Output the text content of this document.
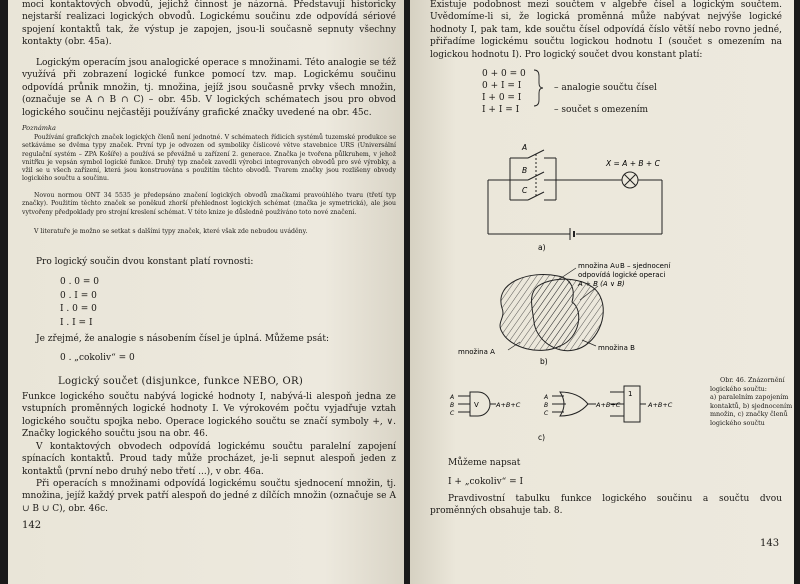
moci kontaktových obvodů, jejichž činnost je názorná. Představují historicky nejstarší realizaci logických obvodů. Logickému součinu zde odpovídá sériové spojení kontaktů tak, že výstup je zapojen, jsou-li současně sepnuty všechny kontakty (obr. 45a).

Logickým operacím jsou analogické operace s množinami. Této analogie se též využívá při zobrazení logické funkce pomocí tzv. map. Logickému součinu odpovídá průnik množin, tj. množina, jejíž jsou současně prvky všech množin, (označuje se A ∩ B ∩ C) – obr. 45b. V logických schématech jsou pro obvod logického součinu nejčastěji používány grafické značky uvedené na obr. 45c.

Poznámka

Používání grafických značek logických členů není jednotné. V schématech řídicích systémů tuzemské produkce se setkáváme se dvěma typy značek. První typ je odvozen od symboliky číslicové větve stavebnice URS (Universální regulační systém – ZPA Košíře) a používá se převážně u zařízení 2. generace. Značka je tvořena půlkruhem, v jehož vnitřku je vepsán symbol logické funkce. Druhý typ značek zavedli výrobci integrovaných obvodů pro své výrobky, a vžil se u všech zařízení, která jsou konstruována s použitím těchto obvodů. Tvarem značky jsou rozlišeny obvody logického součtu a součinu.

Novou normou ONT 34 5535 je předepsáno značení logických obvodů značkami pravoúhlého tvaru (třetí typ značky). Použitím těchto značek se poněkud zhorší přehlednost logických schémat (značka je symetrická), ale jsou vytvořeny předpoklady pro strojní kreslení schémat. V této knize je důsledně používáno toto nové značení.

V literatuře je možno se setkat s dalšími typy značek, které však zde nebudou uváděny.

Pro logický součin dvou konstant platí rovnosti:

0 . 0 = 0

0 . I = 0

I . 0 = 0

I . I = I

Je zřejmé, že analogie s násobením čísel je úplná. Můžeme psát:

0 . „cokoliv“ = 0

Logický součet (disjunkce, funkce NEBO, OR)

Funkce logického součtu nabývá logické hodnoty I, nabývá-li alespoň jedna ze vstupních proměnných logické hodnoty I. Ve výrokovém počtu vyjadřuje vztah logického součtu spojka nebo. Operace logického součtu se značí symboly +, ∨. Značky logického součtu jsou na obr. 46.

V kontaktových obvodech odpovídá logickému součtu paralelní zapojení spínacích kontaktů. Proud tady může procházet, je-li sepnut alespoň jeden z kontaktů (první nebo druhý nebo třetí ...), v obr. 46a.

Při operacích s množinami odpovídá logickému součtu sjednocení množin, tj. množina, jejíž každý prvek patří alespoň do jedné z dílčích množin (označuje se A ∪ B ∪ C), obr. 46c.

142

Existuje podobnost mezi součtem v algebře čísel a logickým součtem. Uvědomíme-li si, že logická proměnná může nabývat nejvýše logické hodnoty I, pak tam, kde součtu čísel odpovídá číslo větší nebo rovno jedné, přiřadíme logickému součtu logickou hodnotu I (součet s omezením na logickou hodnotu I). Pro logický součet dvou konstant platí:

0 + 0 = 0

0 + I = I

I + 0 = I

I + I = I

– analogie součtu čísel

– součet s omezením

A
B
C
X = A + B + C
a)
množina A∪B – sjednocení
odpovídá logické operaci
A + B (A ∨ B)
množina A	množina B
b)
A
B
C
V	A+B+C
A
B
C
A+B+C
1
A+B+C
c)
Obr. 46. Znázornění
logického součtu:
a) paralelním zapojením
kontaktů, b) sjednocením
množin, c) značky členů
logického součtu

Můžeme napsat

I + „cokoliv“ = I

Pravdivostní tabulku funkce logického součinu a součtu dvou proměnných obsahuje tab. 8.

143
